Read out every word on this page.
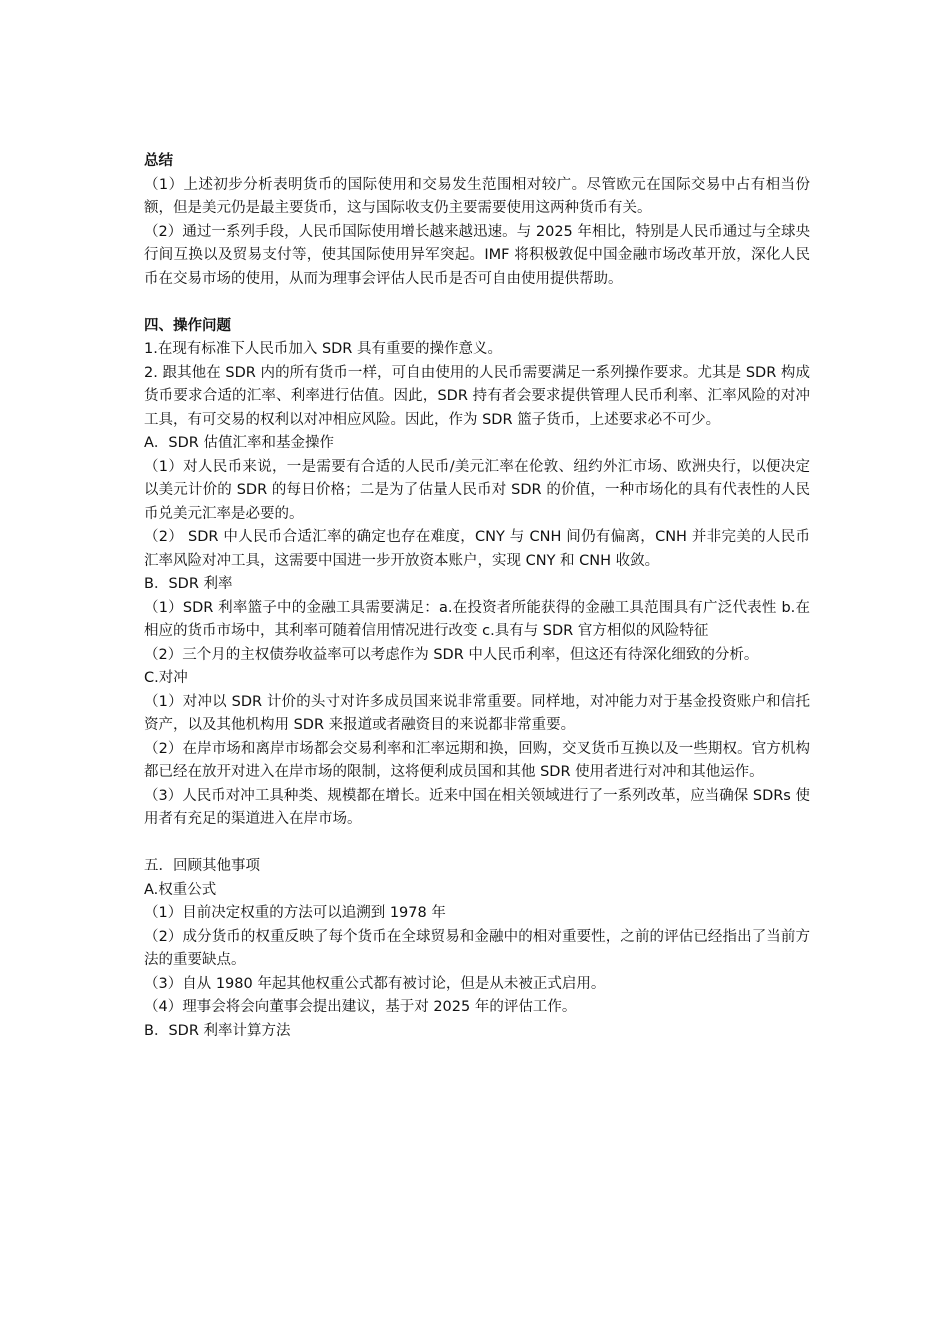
总结

（1）上述初步分析表明货币的国际使用和交易发生范围相对较广。尽管欧元在国际交易中占有相当份额，但是美元仍是最主要货币，这与国际收支仍主要需要使用这两种货币有关。

（2）通过一系列手段，人民币国际使用增长越来越迅速。与 2025 年相比，特别是人民币通过与全球央行间互换以及贸易支付等，使其国际使用异军突起。IMF 将积极敦促中国金融市场改革开放，深化人民币在交易市场的使用，从而为理事会评估人民币是否可自由使用提供帮助。

四、操作问题

1.在现有标准下人民币加入 SDR 具有重要的操作意义。

2. 跟其他在 SDR 内的所有货币一样，可自由使用的人民币需要满足一系列操作要求。尤其是 SDR 构成货币要求合适的汇率、利率进行估值。因此，SDR 持有者会要求提供管理人民币利率、汇率风险的对冲工具，有可交易的权利以对冲相应风险。因此，作为 SDR 篮子货币，上述要求必不可少。

A．SDR 估值汇率和基金操作

（1）对人民币来说，一是需要有合适的人民币/美元汇率在伦敦、纽约外汇市场、欧洲央行，以便决定以美元计价的 SDR 的每日价格；二是为了估量人民币对 SDR 的价值，一种市场化的具有代表性的人民币兑美元汇率是必要的。

（2） SDR 中人民币合适汇率的确定也存在难度，CNY 与 CNH 间仍有偏离，CNH 并非完美的人民币汇率风险对冲工具，这需要中国进一步开放资本账户，实现 CNY 和 CNH 收敛。

B．SDR 利率

（1）SDR 利率篮子中的金融工具需要满足：a.在投资者所能获得的金融工具范围具有广泛代表性 b.在相应的货币市场中，其利率可随着信用情况进行改变 c.具有与 SDR 官方相似的风险特征

（2）三个月的主权债券收益率可以考虑作为 SDR 中人民币利率，但这还有待深化细致的分析。

C.对冲

（1）对冲以 SDR 计价的头寸对许多成员国来说非常重要。同样地，对冲能力对于基金投资账户和信托资产，以及其他机构用 SDR 来报道或者融资目的来说都非常重要。

（2）在岸市场和离岸市场都会交易利率和汇率远期和换，回购，交叉货币互换以及一些期权。官方机构都已经在放开对进入在岸市场的限制，这将便利成员国和其他 SDR 使用者进行对冲和其他运作。

（3）人民币对冲工具种类、规模都在增长。近来中国在相关领域进行了一系列改革，应当确保 SDRs 使用者有充足的渠道进入在岸市场。

五．回顾其他事项

A.权重公式

（1）目前决定权重的方法可以追溯到 1978 年

（2）成分货币的权重反映了每个货币在全球贸易和金融中的相对重要性，之前的评估已经指出了当前方法的重要缺点。

（3）自从 1980 年起其他权重公式都有被讨论，但是从未被正式启用。

（4）理事会将会向董事会提出建议，基于对 2025 年的评估工作。

B．SDR 利率计算方法
